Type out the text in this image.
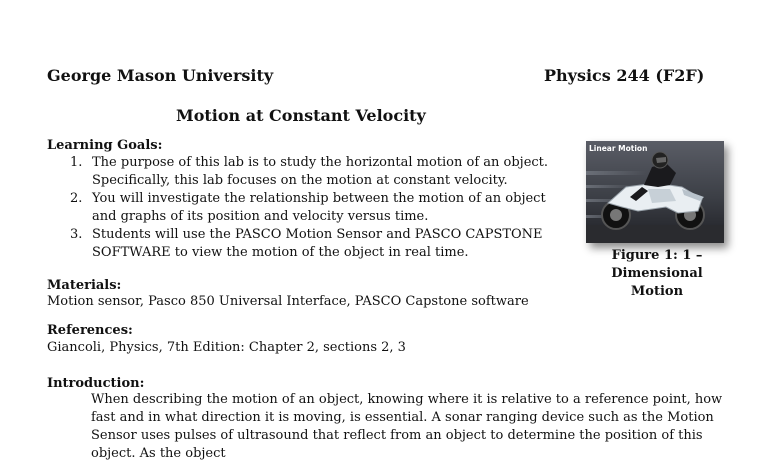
George Mason University	Physics 244 (F2F)
Motion at Constant Velocity
Learning Goals:
1. The purpose of this lab is to study the horizontal motion of an object. Specifically, this lab focuses on the motion at constant velocity.
2. You will investigate the relationship between the motion of an object and graphs of its position and velocity versus time.
3. Students will use the PASCO Motion Sensor and PASCO CAPSTONE SOFTWARE to view the motion of the object in real time.
Materials:
Motion sensor, Pasco 850 Universal Interface, PASCO Capstone software
References:
Giancoli, Physics, 7th Edition: Chapter 2, sections 2, 3
Introduction:

When describing the motion of an object, knowing where it is relative to a reference point, how fast and in what direction it is moving, is essential. A sonar ranging device such as the Motion Sensor uses pulses of ultrasound that reflect from an object to determine the position of this object. As the object

Linear Motion
Figure 1: 1 – Dimensional Motion
